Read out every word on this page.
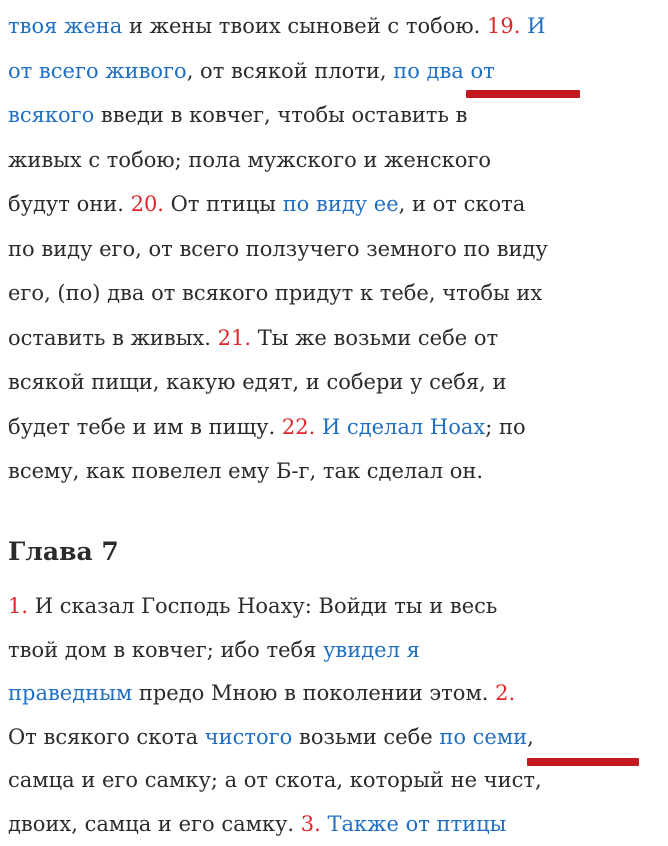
твоя жена и жены твоих сыновей с тобою. 19. И
от всего живого, от всякой плоти, по два от
всякого введи в ковчег, чтобы оставить в
живых с тобою; пола мужского и женского
будут они. 20. От птицы по виду ее, и от скота
по виду его, от всего ползучего земного по виду
его, (по) два от всякого придут к тебе, чтобы их
оставить в живых. 21. Ты же возьми себе от
всякой пищи, какую едят, и собери у себя, и
будет тебе и им в пищу. 22. И сделал Ноах; по
всему, как повелел ему Б-г, так сделал он.
Глава 7
1. И сказал Господь Ноаху: Войди ты и весь
твой дом в ковчег; ибо тебя увидел я
праведным предо Мною в поколении этом. 2.
От всякого скота чистого возьми себе по семи,
самца и его самку; а от скота, который не чист,
двоих, самца и его самку. 3. Также от птицы
